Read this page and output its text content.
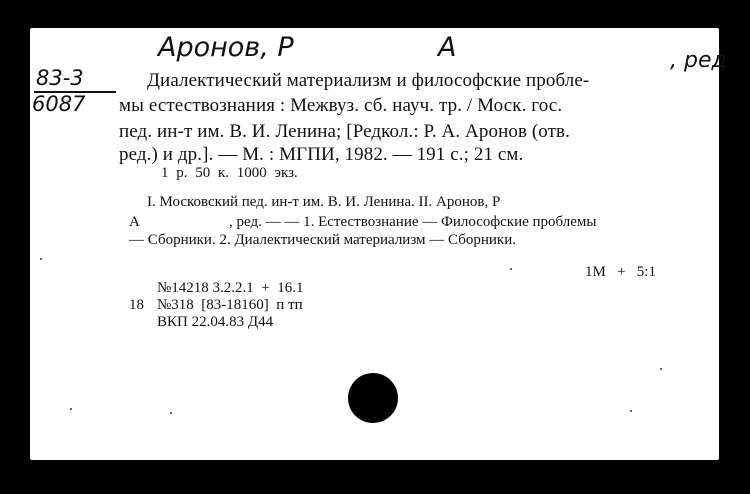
Аронов, Р	А	, ред
83-3
6087
Диалектический материализм и философские пробле-
мы естествознания : Межвуз. сб. науч. тр. / Моск. гос.
пед. ин-т им. В. И. Ленина; [Редкол.: Р. А. Аронов (отв.
ред.) и др.]. — М. : МГПИ, 1982. — 191 с.; 21 см.
1 р. 50 к. 1000 экз.
I. Московский пед. ин-т им. В. И. Ленина. II. Аронов, Р
А	, ред. — — 1. Естествознание — Философские проблемы
— Сборники. 2. Диалектический материализм — Сборники.
1М   +   5:1
№14218 3.2.2.1  +  16.1
18 №318  [83-18160]  п тп
ВКП 22.04.83 Д44
